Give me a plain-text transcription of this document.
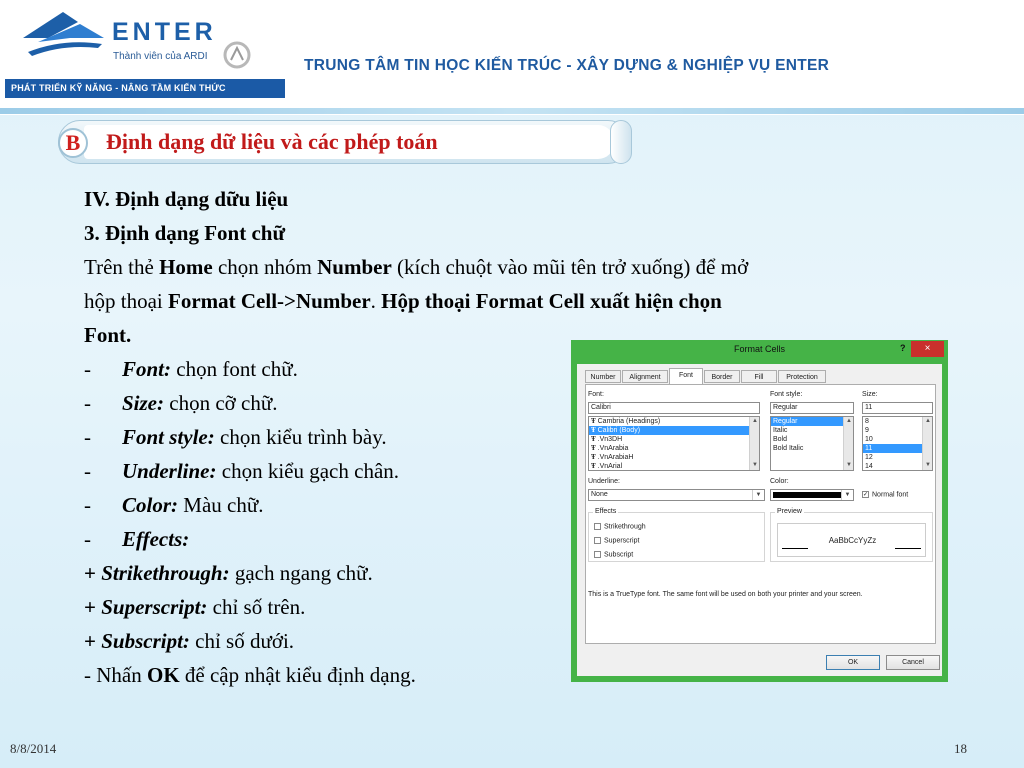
ENTER
Thành viên của ARDI
PHÁT TRIỂN KỸ NĂNG - NÂNG TẦM KIẾN THỨC
TRUNG TÂM TIN HỌC KIẾN TRÚC - XÂY DỰNG & NGHIỆP VỤ ENTER
B	Định dạng dữ liệu và các phép toán
IV. Định dạng dữu liệu
3. Định dạng Font chữ
Trên thẻ Home chọn nhóm Number (kích chuột vào mũi tên trở xuống) để mở
hộp thoại Format Cell->Number. Hộp thoại Format Cell xuất hiện chọn
Font.
- Font: chọn font chữ.
- Size: chọn cỡ chữ.
- Font style: chọn kiểu trình bày.
- Underline: chọn kiểu gạch chân.
- Color: Màu chữ.
- Effects:
+ Strikethrough: gạch ngang chữ.
+ Superscript: chỉ số trên.
+ Subscript: chỉ số dưới.
- Nhấn OK để cập nhật kiểu định dạng.
Format Cells	?	×
Number	Alignment	Font	Border	Fill	Protection
Font:
Calibri
Ŧ Cambria (Headings)
Ŧ Calibri (Body)
Ŧ .Vn3DH
Ŧ .VnArabia
Ŧ .VnArabiaH
Ŧ .VnArial
▲
▼
Font style:
Regular
Regular
Italic
Bold
Bold Italic
▲
▼
Size:
11
8
9
10
11
12
14
▲
▼
Underline:
None	▼
Color:
▼	✓ Normal font
Effects
Strikethrough
Superscript
Subscript
Preview
AaBbCcYyZz
This is a TrueType font. The same font will be used on both your printer and your screen.
OK	Cancel
8/8/2014	18
